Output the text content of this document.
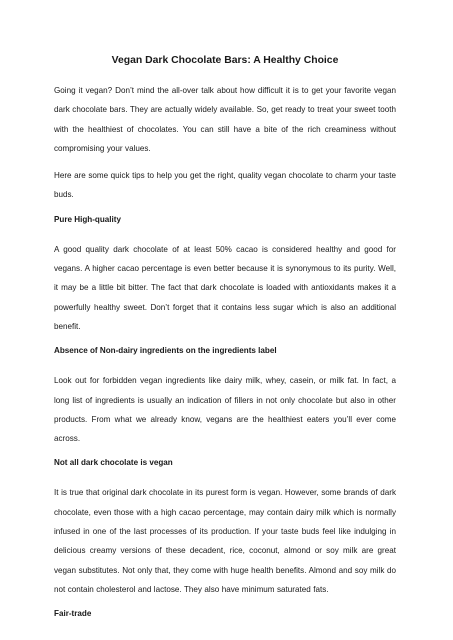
Vegan Dark Chocolate Bars: A Healthy Choice

Going it vegan? Don’t mind the all-over talk about how difficult it is to get your favorite vegan dark chocolate bars. They are actually widely available. So, get ready to treat your sweet tooth with the healthiest of chocolates. You can still have a bite of the rich creaminess without compromising your values.

Here are some quick tips to help you get the right, quality vegan chocolate to charm your taste buds.

Pure High-quality

A good quality dark chocolate of at least 50% cacao is considered healthy and good for vegans. A higher cacao percentage is even better because it is synonymous to its purity. Well, it may be a little bit bitter. The fact that dark chocolate is loaded with antioxidants makes it a powerfully healthy sweet. Don’t forget that it contains less sugar which is also an additional benefit.

Absence of Non-dairy ingredients on the ingredients label

Look out for forbidden vegan ingredients like dairy milk, whey, casein, or milk fat. In fact, a long list of ingredients is usually an indication of fillers in not only chocolate but also in other products. From what we already know, vegans are the healthiest eaters you’ll ever come across.

Not all dark chocolate is vegan

It is true that original dark chocolate in its purest form is vegan. However, some brands of dark chocolate, even those with a high cacao percentage, may contain dairy milk which is normally infused in one of the last processes of its production. If your taste buds feel like indulging in delicious creamy versions of these decadent, rice, coconut, almond or soy milk are great vegan substitutes. Not only that, they come with huge health benefits. Almond and soy milk do not contain cholesterol and lactose. They also have minimum saturated fats.

Fair-trade
